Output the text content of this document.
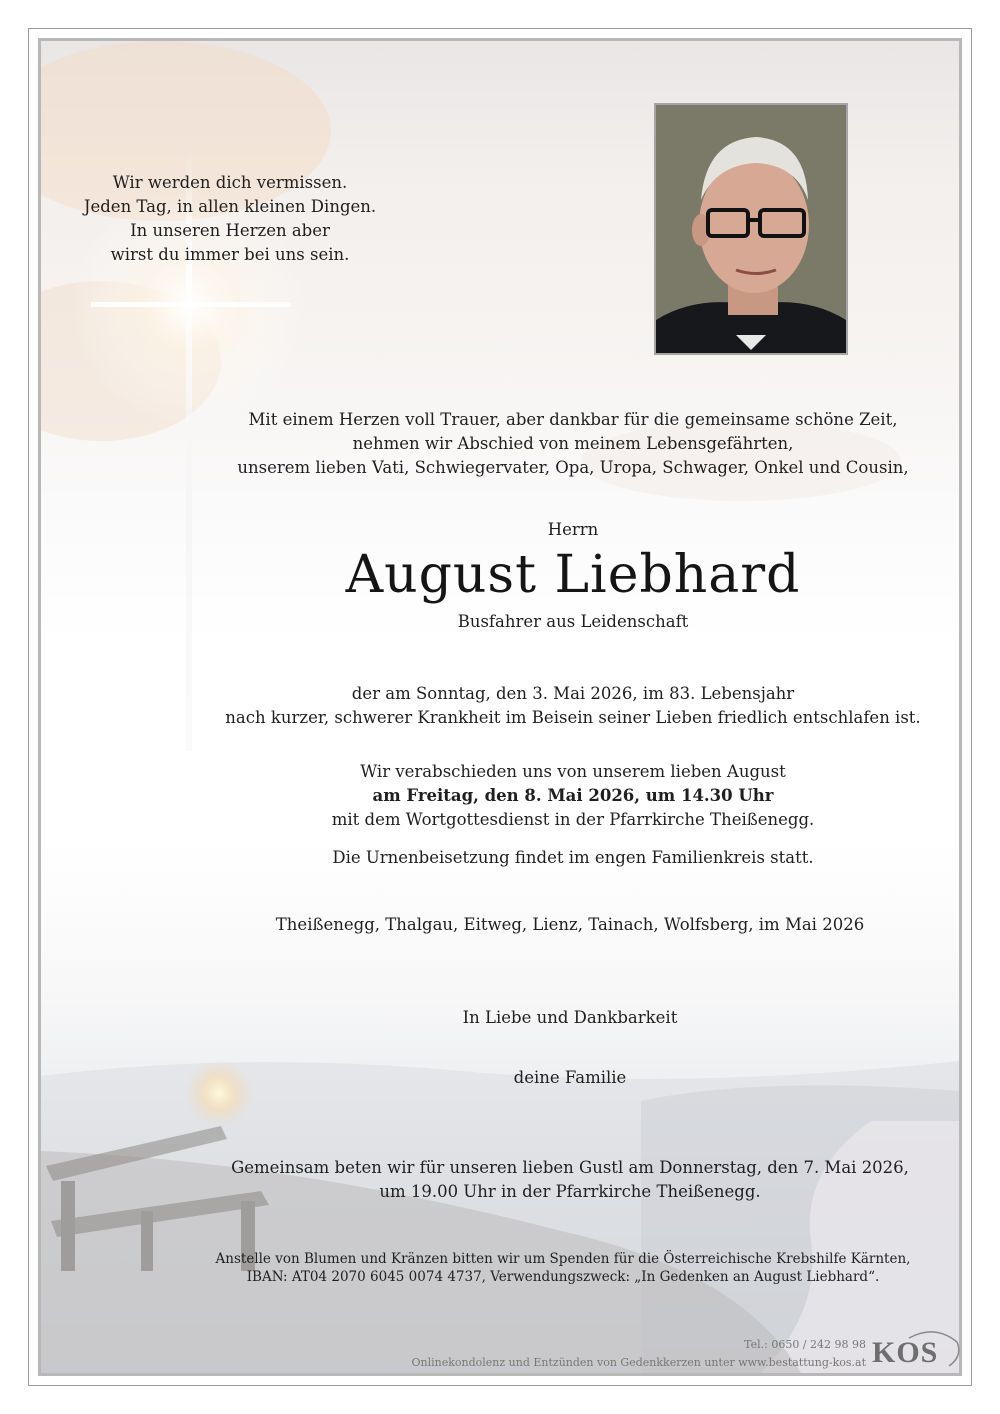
Wir werden dich vermissen.
Jeden Tag, in allen kleinen Dingen.
In unseren Herzen aber
wirst du immer bei uns sein.
Mit einem Herzen voll Trauer, aber dankbar für die gemeinsame schöne Zeit,
nehmen wir Abschied von meinem Lebensgefährten,
unserem lieben Vati, Schwiegervater, Opa, Uropa, Schwager, Onkel und Cousin,
Herrn
August Liebhard
Busfahrer aus Leidenschaft
der am Sonntag, den 3. Mai 2026, im 83. Lebensjahr
nach kurzer, schwerer Krankheit im Beisein seiner Lieben friedlich entschlafen ist.
Wir verabschieden uns von unserem lieben August
am Freitag, den 8. Mai 2026, um 14.30 Uhr
mit dem Wortgottesdienst in der Pfarrkirche Theißenegg.
Die Urnenbeisetzung findet im engen Familienkreis statt.
Theißenegg, Thalgau, Eitweg, Lienz, Tainach, Wolfsberg, im Mai 2026
In Liebe und Dankbarkeit
deine Familie
Gemeinsam beten wir für unseren lieben Gustl am Donnerstag, den 7. Mai 2026,
um 19.00 Uhr in der Pfarrkirche Theißenegg.
Anstelle von Blumen und Kränzen bitten wir um Spenden für die Österreichische Krebshilfe Kärnten,
IBAN: AT04 2070 6045 0074 4737, Verwendungszweck: „In Gedenken an August Liebhard“.
Tel.: 0650 / 242 98 98
Onlinekondolenz und Entzünden von Gedenkkerzen unter www.bestattung-kos.at KOS
